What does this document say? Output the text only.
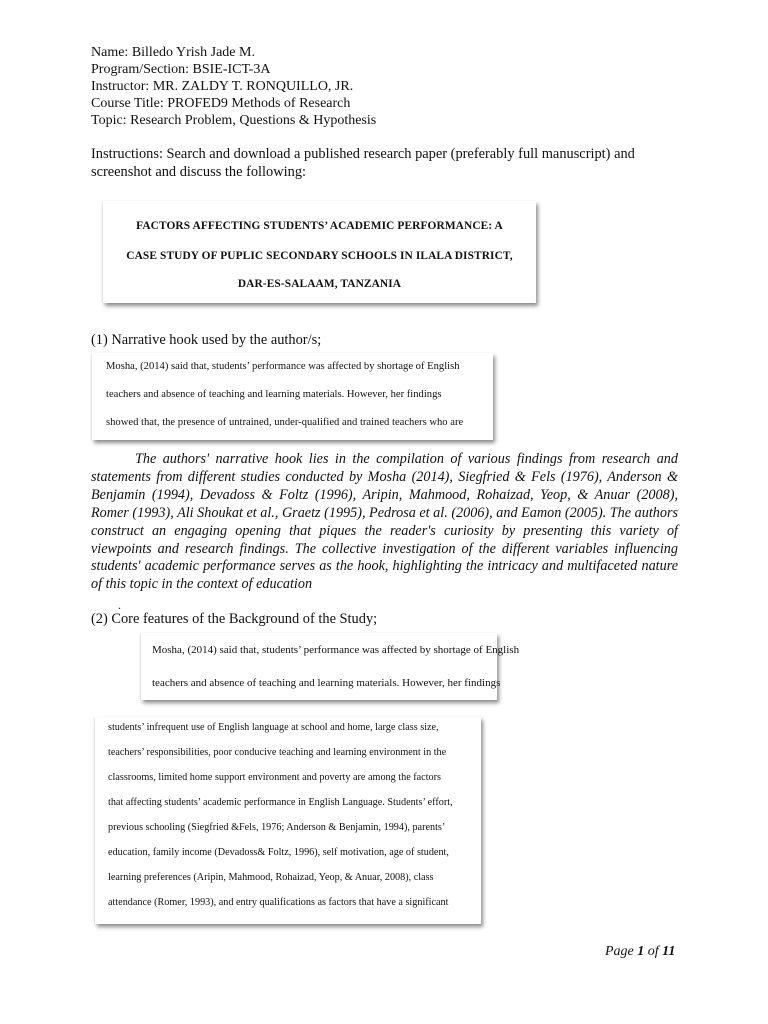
Name: Billedo Yrish Jade M.
Program/Section: BSIE-ICT-3A
Instructor: MR. ZALDY T. RONQUILLO, JR.
Course Title: PROFED9 Methods of Research
Topic: Research Problem, Questions & Hypothesis
Instructions: Search and download a published research paper (preferably full manuscript) and screenshot and discuss the following:
FACTORS AFFECTING STUDENTS’ ACADEMIC PERFORMANCE: A
CASE STUDY OF PUPLIC SECONDARY SCHOOLS IN ILALA DISTRICT,
DAR-ES-SALAAM, TANZANIA
(1) Narrative hook used by the author/s;
Mosha, (2014) said that, students’ performance was affected by shortage of English
teachers and absence of teaching and learning materials. However, her findings
showed that, the presence of untrained, under-qualified and trained teachers who are
The authors' narrative hook lies in the compilation of various findings from research and statements from different studies conducted by Mosha (2014), Siegfried & Fels (1976), Anderson & Benjamin (1994), Devadoss & Foltz (1996), Aripin, Mahmood, Rohaizad, Yeop, & Anuar (2008), Romer (1993), Ali Shoukat et al., Graetz (1995), Pedrosa et al. (2006), and Eamon (2005). The authors construct an engaging opening that piques the reader's curiosity by presenting this variety of viewpoints and research findings. The collective investigation of the different variables influencing students' academic performance serves as the hook, highlighting the intricacy and multifaceted nature of this topic in the context of education
.
(2) Core features of the Background of the Study;
Mosha, (2014) said that, students’ performance was affected by shortage of English
teachers and absence of teaching and learning materials. However, her findings
students’ infrequent use of English language at school and home, large class size,
teachers’ responsibilities, poor conducive teaching and learning environment in the
classrooms, limited home support environment and poverty are among the factors
that affecting students’ academic performance in English Language. Students’ effort,
previous schooling (Siegfried &Fels, 1976; Anderson & Benjamin, 1994), parents’
education, family income (Devadoss& Foltz, 1996), self motivation, age of student,
learning preferences (Aripin, Mahmood, Rohaizad, Yeop, & Anuar, 2008), class
attendance (Romer, 1993), and entry qualifications as factors that have a significant
Page 1 of 11
